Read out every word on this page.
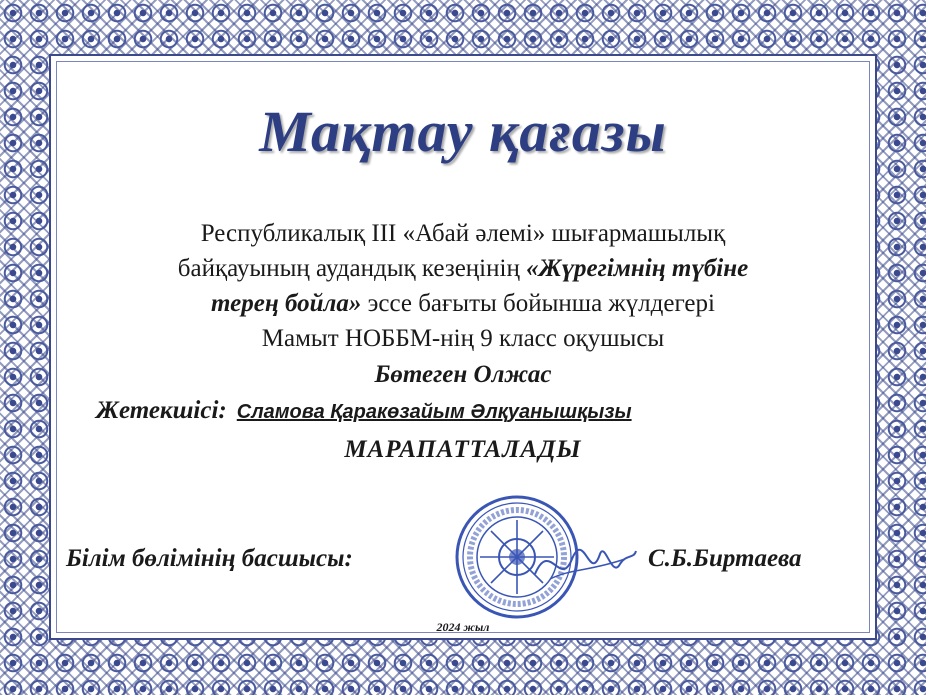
Мақтау қағазы
Республикалық ІІІ «Абай әлемі» шығармашылық
байқауының аудандық кезеңінің «Жүрегімнің түбіне
терең бойла» эссе бағыты бойынша жүлдегері
Мамыт НОББМ-нің 9 класс оқушысы
Бөтеген Олжас
Жетекшісі: Сламова Қаракөзайым Әлқуанышқызы
МАРАПАТТАЛАДЫ
Білім бөлімінің басшысы:	С.Б.Биртаева
2024 жыл
